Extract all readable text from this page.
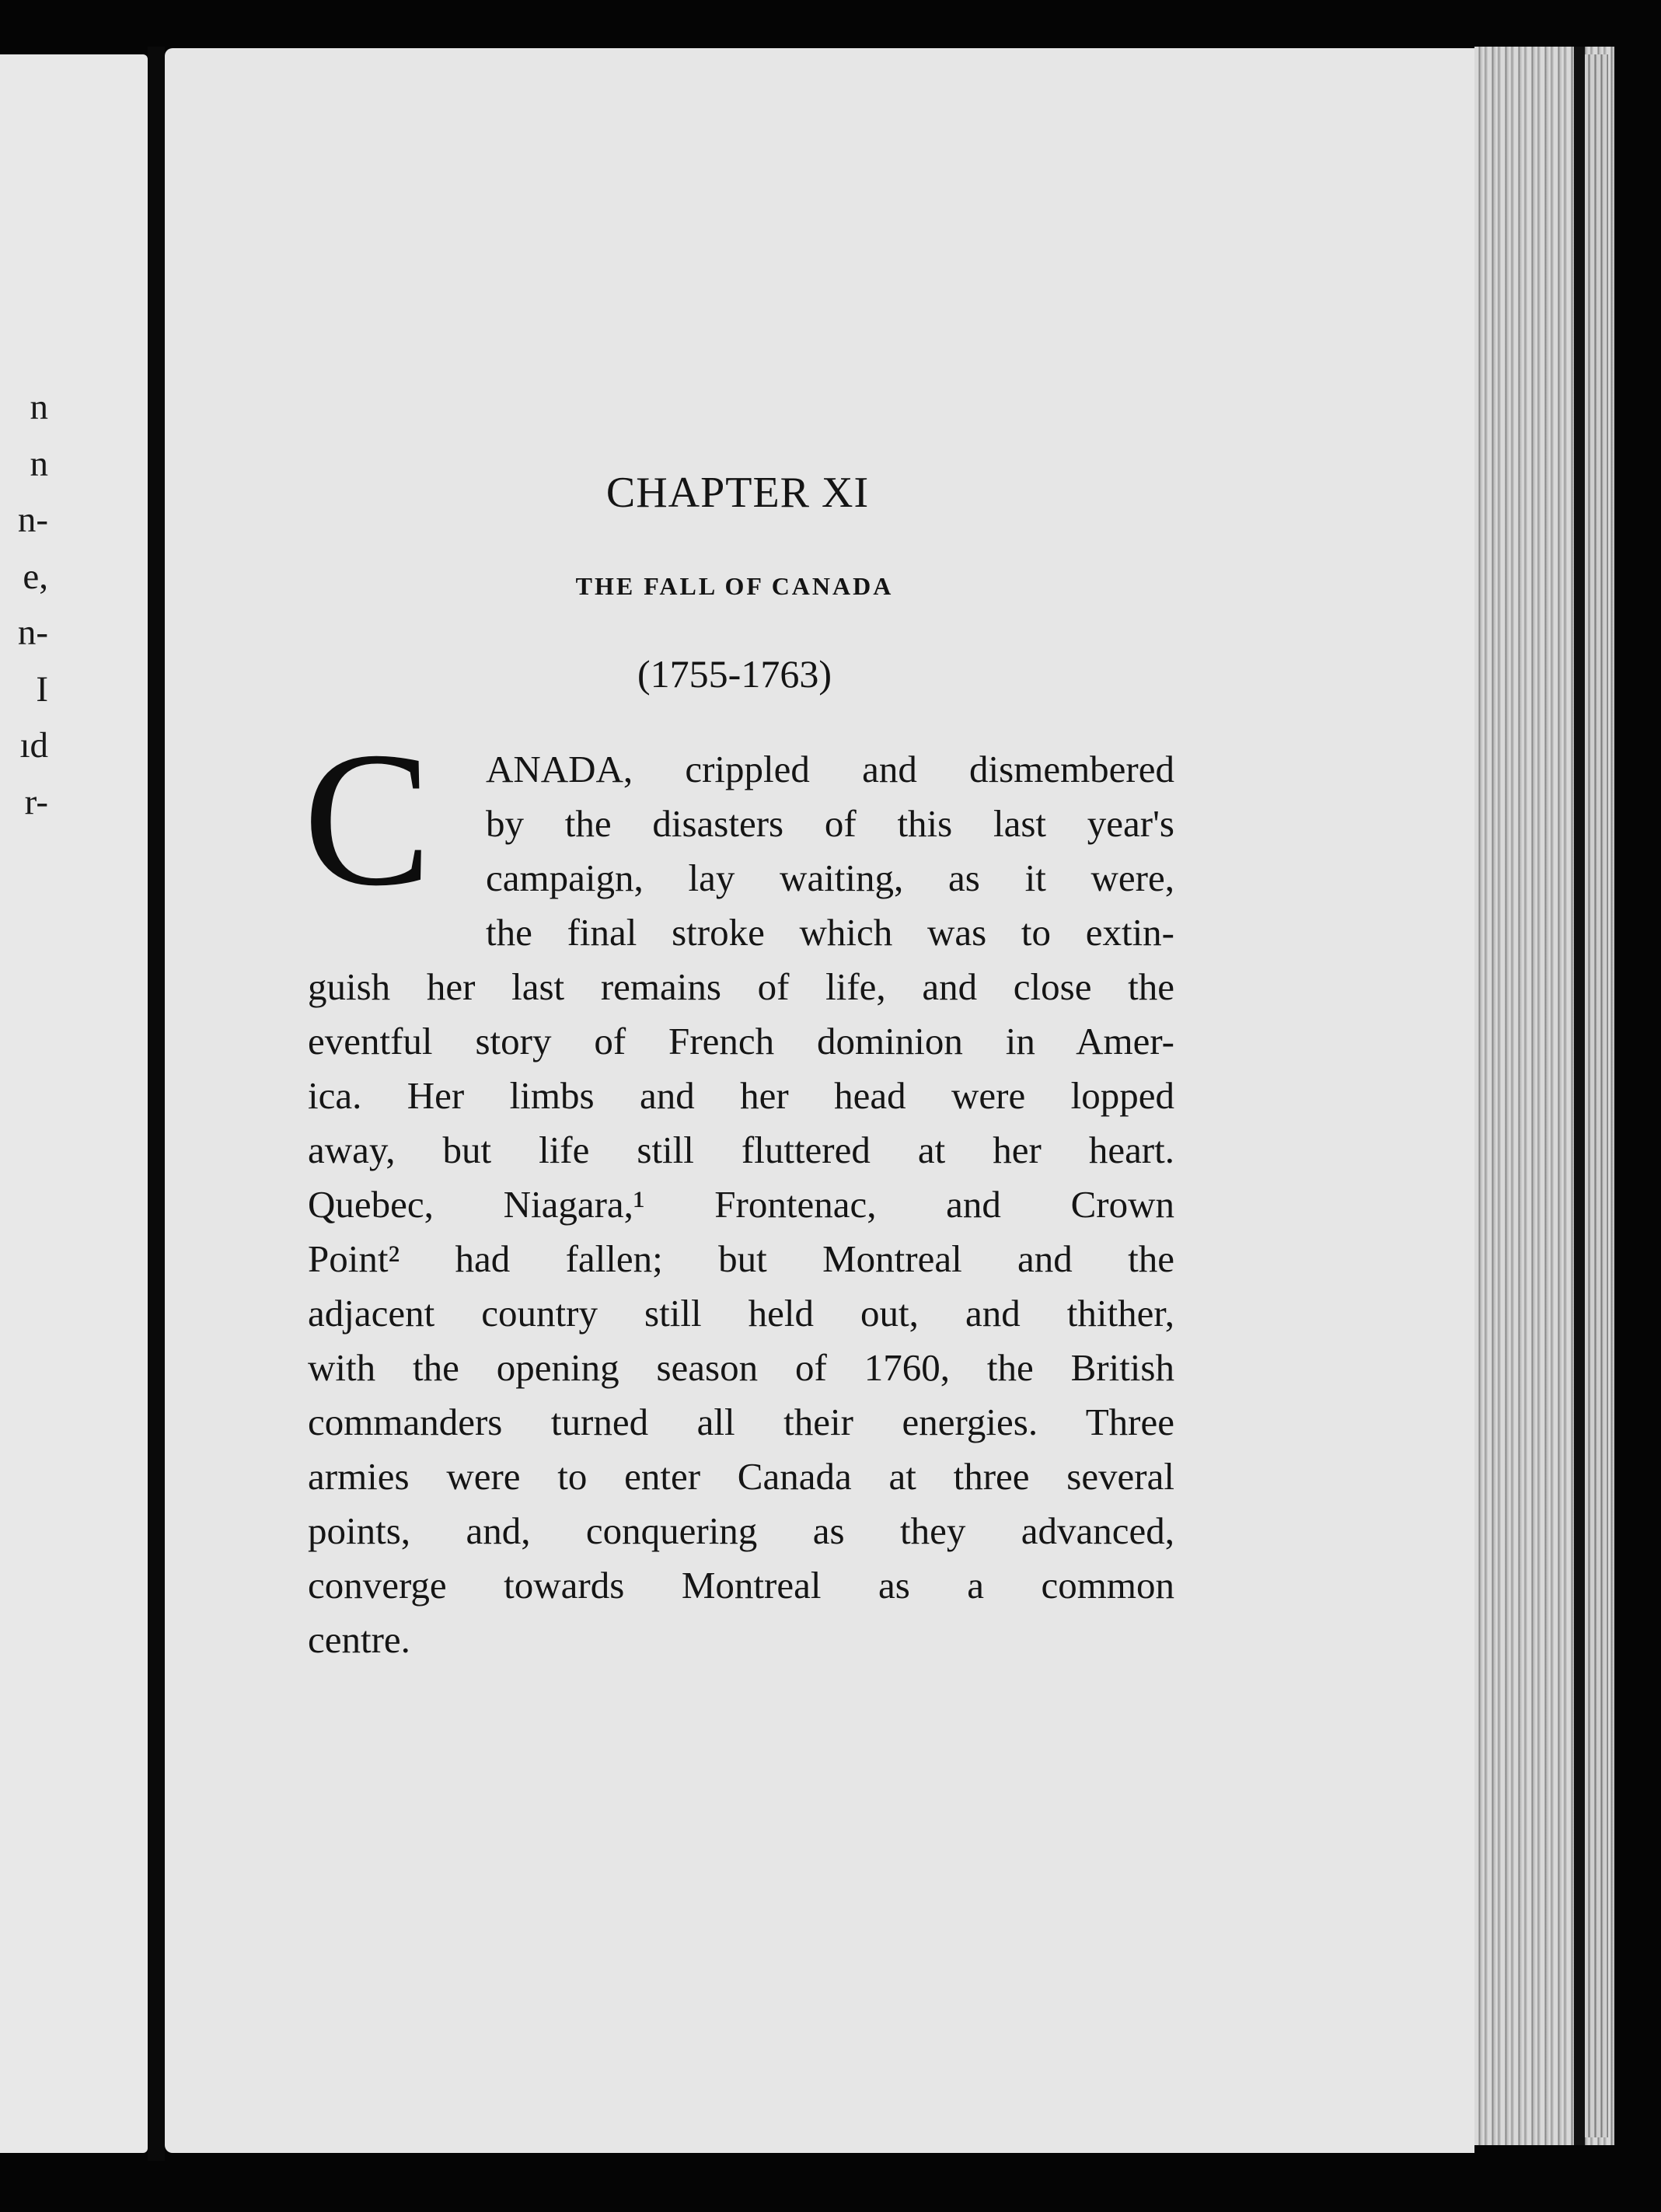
n
n
n-
e,
n-
I
ıd
r-
CHAPTER XI
THE FALL OF CANADA
(1755-1763)
C ANADA, crippled and dismembered
by the disasters of this last year's
campaign, lay waiting, as it were,
the final stroke which was to extin-
guish her last remains of life, and close the
eventful story of French dominion in Amer-
ica. Her limbs and her head were lopped
away, but life still fluttered at her heart.
Quebec, Niagara,¹ Frontenac, and Crown
Point² had fallen; but Montreal and the
adjacent country still held out, and thither,
with the opening season of 1760, the British
commanders turned all their energies. Three
armies were to enter Canada at three several
points, and, conquering as they advanced,
converge towards Montreal as a common
centre.
